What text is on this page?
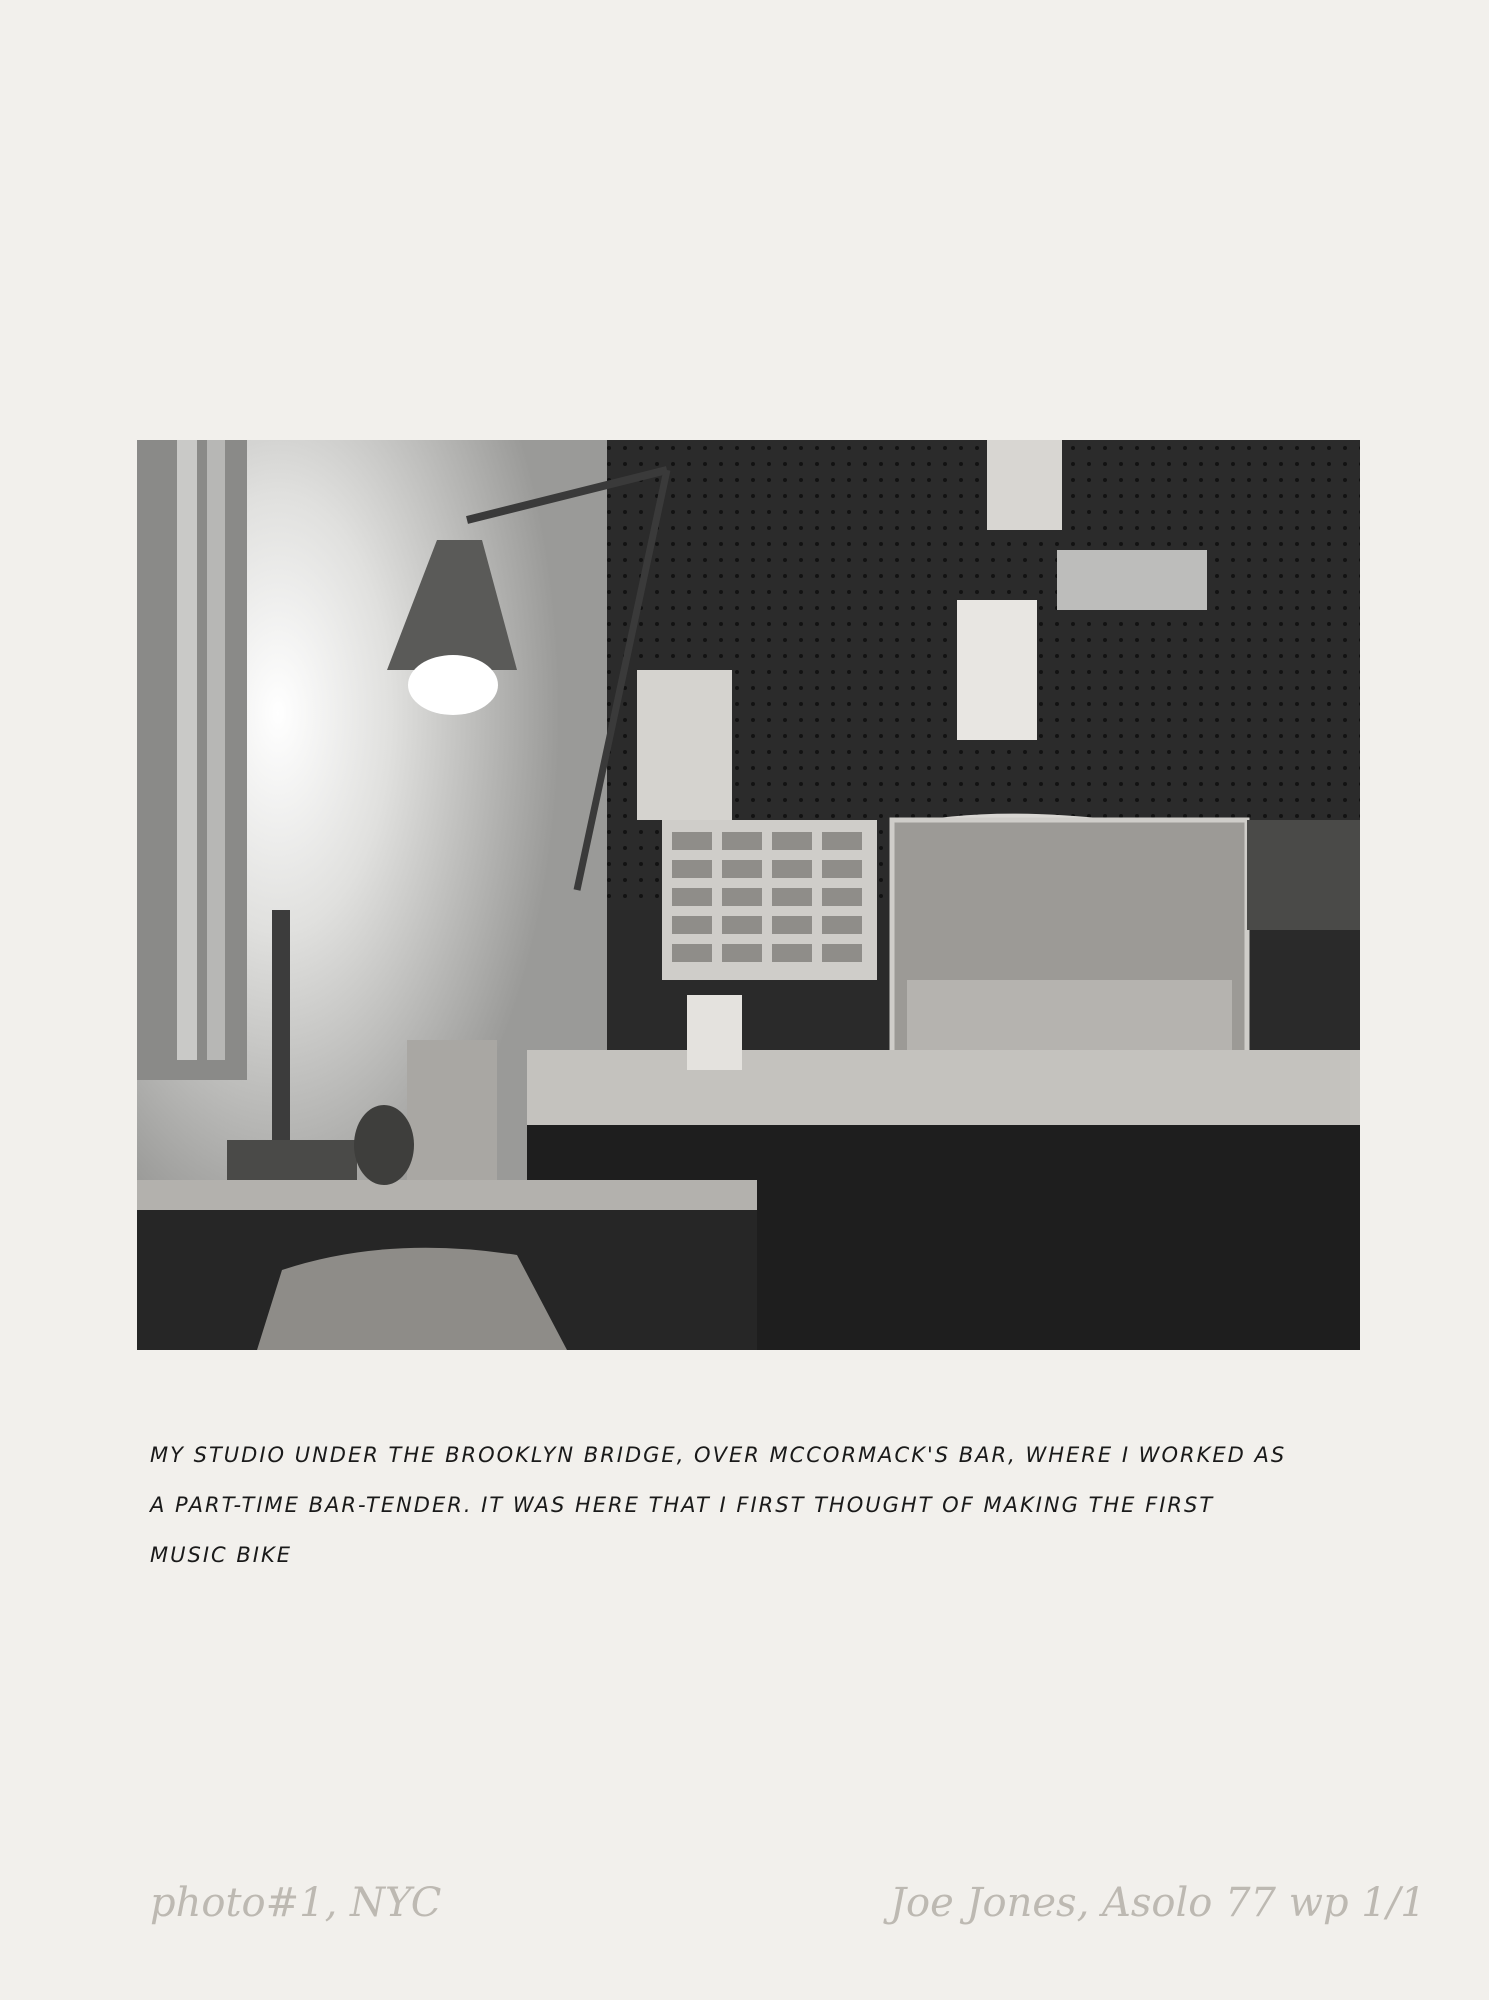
MY STUDIO UNDER THE BROOKLYN BRIDGE, OVER MCCORMACK'S BAR, WHERE I WORKED AS
A PART-TIME BAR-TENDER. IT WAS HERE THAT I FIRST THOUGHT OF MAKING THE FIRST
MUSIC BIKE
photo#1, NYC	Joe Jones, Asolo 77 wp 1/1
